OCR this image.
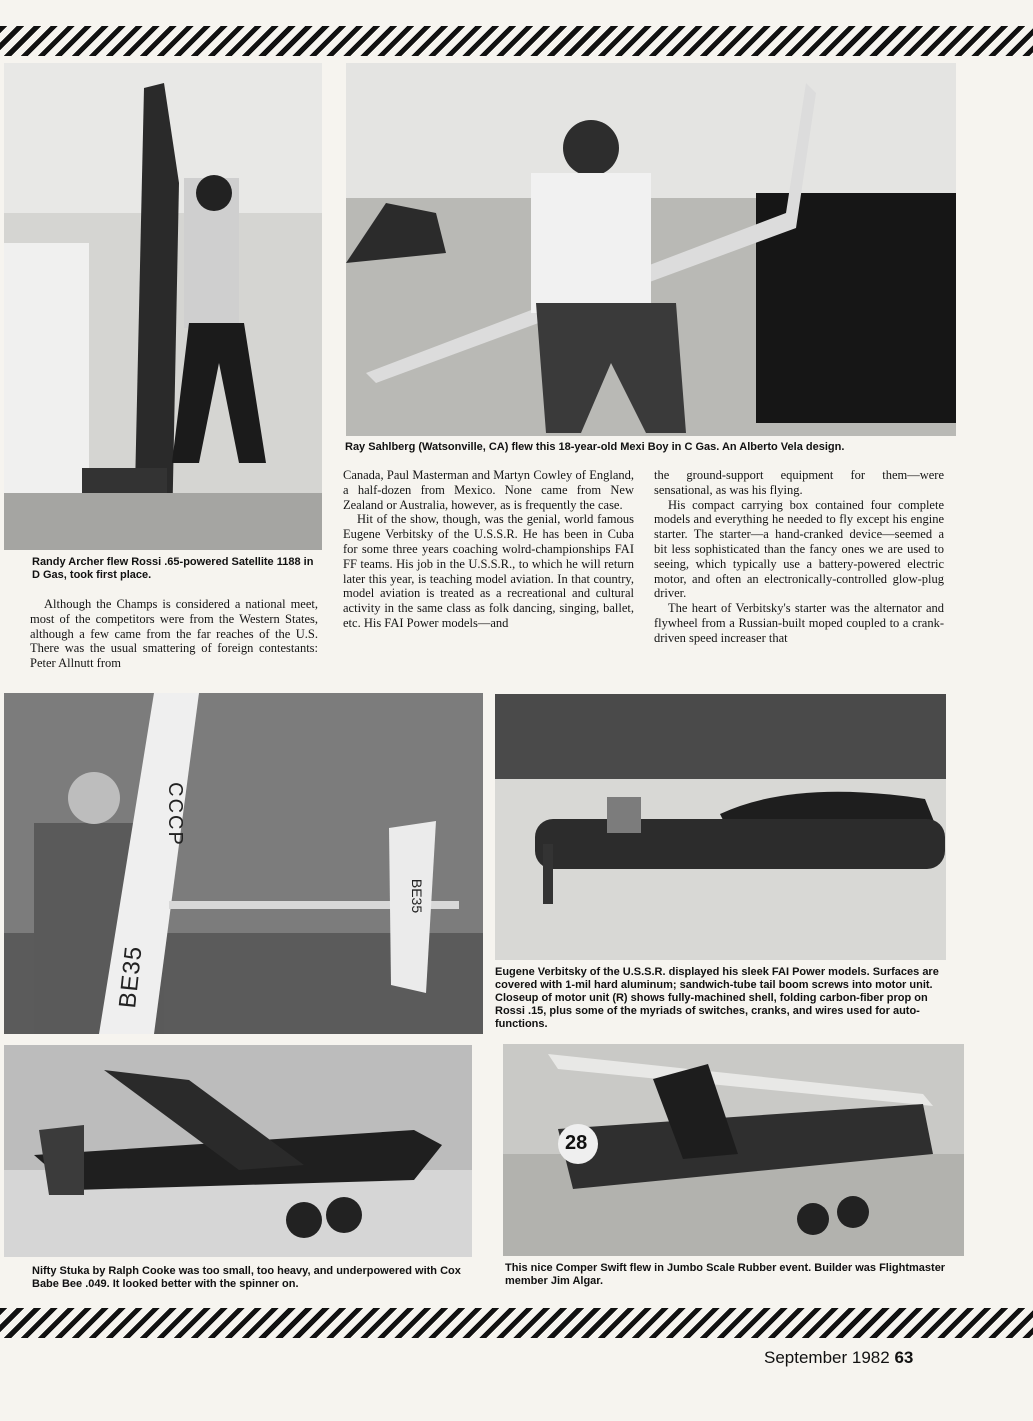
Ray Sahlberg (Watsonville, CA) flew this 18-year-old Mexi Boy in C Gas. An Alberto Vela design.

Randy Archer flew Rossi .65-powered Satellite 1188 in D Gas, took first place.

Although the Champs is considered a national meet, most of the competitors were from the Western States, although a few came from the far reaches of the U.S. There was the usual smattering of foreign contestants: Peter Allnutt from

Canada, Paul Masterman and Martyn Cowley of England, a half-dozen from Mexico. None came from New Zealand or Australia, however, as is frequently the case.

Hit of the show, though, was the genial, world famous Eugene Verbitsky of the U.S.S.R. He has been in Cuba for some three years coaching wolrd-championships FAI FF teams. His job in the U.S.S.R., to which he will return later this year, is teaching model aviation. In that country, model aviation is treated as a recreational and cultural activity in the same class as folk dancing, singing, ballet, etc. His FAI Power models—and

the ground-support equipment for them—were sensational, as was his flying.

His compact carrying box contained four complete models and everything he needed to fly except his engine starter. The starter—a hand-cranked device—seemed a bit less sophisticated than the fancy ones we are used to seeing, which typically use a battery-powered electric motor, and often an electronically-controlled glow-plug driver.

The heart of Verbitsky's starter was the alternator and flywheel from a Russian-built moped coupled to a crank-driven speed increaser that

CCCP
BE35
BE35

Eugene Verbitsky of the U.S.S.R. displayed his sleek FAI Power models. Surfaces are covered with 1-mil hard aluminum; sandwich-tube tail boom screws into motor unit. Closeup of motor unit (R) shows fully-machined shell, folding carbon-fiber prop on Rossi .15, plus some of the myriads of switches, cranks, and wires used for auto-functions.

Nifty Stuka by Ralph Cooke was too small, too heavy, and underpowered with Cox Babe Bee .049. It looked better with the spinner on.

28

This nice Comper Swift flew in Jumbo Scale Rubber event. Builder was Flightmaster member Jim Algar.

September 1982 63
